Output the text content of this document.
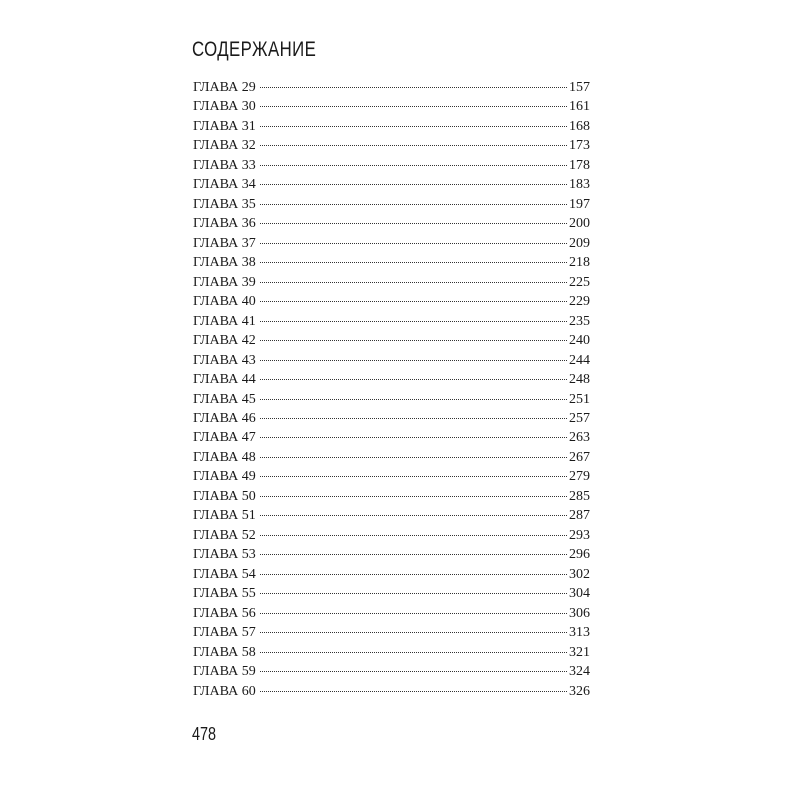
СОДЕРЖАНИЕ
ГЛАВА 29	157
ГЛАВА 30	161
ГЛАВА 31	168
ГЛАВА 32	173
ГЛАВА 33	178
ГЛАВА 34	183
ГЛАВА 35	197
ГЛАВА 36	200
ГЛАВА 37	209
ГЛАВА 38	218
ГЛАВА 39	225
ГЛАВА 40	229
ГЛАВА 41	235
ГЛАВА 42	240
ГЛАВА 43	244
ГЛАВА 44	248
ГЛАВА 45	251
ГЛАВА 46	257
ГЛАВА 47	263
ГЛАВА 48	267
ГЛАВА 49	279
ГЛАВА 50	285
ГЛАВА 51	287
ГЛАВА 52	293
ГЛАВА 53	296
ГЛАВА 54	302
ГЛАВА 55	304
ГЛАВА 56	306
ГЛАВА 57	313
ГЛАВА 58	321
ГЛАВА 59	324
ГЛАВА 60	326
478
